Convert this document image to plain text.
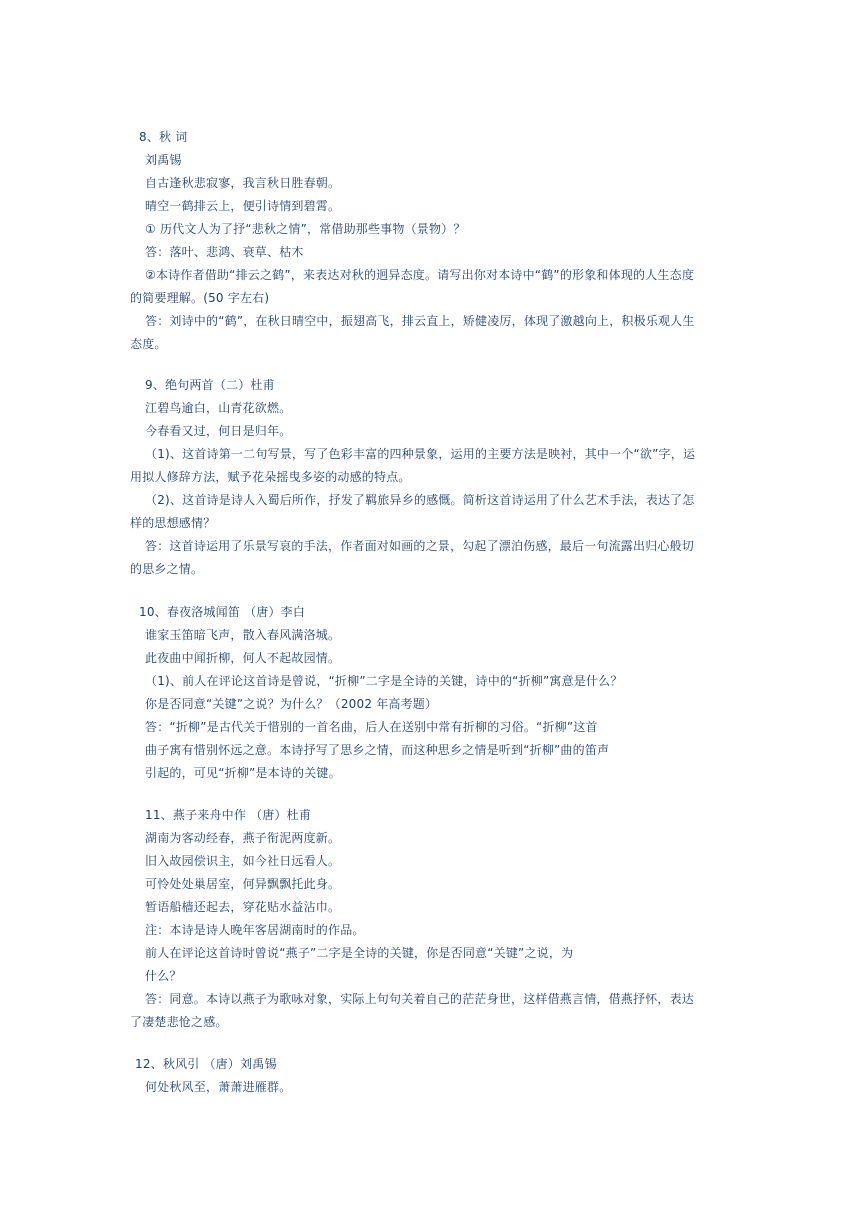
8、秋 词
刘禹锡
自古逢秋悲寂寥，我言秋日胜春朝。
晴空一鹤排云上，便引诗情到碧霄。
① 历代文人为了抒“悲秋之情”，常借助那些事物（景物）？
答：落叶、悲鸿、衰草、枯木
②本诗作者借助“排云之鹤”，来表达对秋的迥异态度。请写出你对本诗中“鹤”的形象和体现的人生态度
的简要理解。(50 字左右)
答：刘诗中的“鹤”，在秋日晴空中，振翅高飞，排云直上，矫健凌厉，体现了激越向上，积极乐观人生
态度。
9、绝句两首（二）杜甫
江碧鸟逾白，山青花欲燃。
今春看又过，何日是归年。
（1)、这首诗第一二句写景，写了色彩丰富的四种景象，运用的主要方法是映衬，其中一个“欲”字，运
用拟人修辞方法，赋予花朵摇曳多姿的动感的特点。
（2)、这首诗是诗人入蜀后所作，抒发了羁旅异乡的感慨。简析这首诗运用了什么艺术手法，表达了怎
样的思想感情？
答：这首诗运用了乐景写哀的手法，作者面对如画的之景，勾起了漂泊伤感，最后一句流露出归心般切
的思乡之情。
10、春夜洛城闻笛 （唐）李白
谁家玉笛暗飞声，散入春风满洛城。
此夜曲中闻折柳，何人不起故园情。
（1)、前人在评论这首诗是曾说，“折柳”二字是全诗的关键，诗中的“折柳”寓意是什么？
你是否同意“关键”之说？为什么？（2002 年高考题）
答：“折柳”是古代关于惜别的一首名曲，后人在送别中常有折柳的习俗。“折柳”这首
曲子寓有惜别怀远之意。本诗抒写了思乡之情，而这种思乡之情是听到“折柳”曲的笛声
引起的，可见“折柳”是本诗的关键。
11、燕子来舟中作 （唐）杜甫
湖南为客动经春，燕子衔泥两度新。
旧入故园偿识主，如今社日远看人。
可怜处处巢居室，何异飘飘托此身。
暂语船樯还起去，穿花贴水益沾巾。
注：本诗是诗人晚年客居湖南时的作品。
前人在评论这首诗时曾说“燕子”二字是全诗的关键，你是否同意“关键”之说，为
什么？
答：同意。本诗以燕子为歌咏对象，实际上句句关着自己的茫茫身世，这样借燕言情，借燕抒怀，表达
了凄楚悲怆之感。
12、秋风引 （唐）刘禹锡
何处秋风至，萧萧进雁群。
